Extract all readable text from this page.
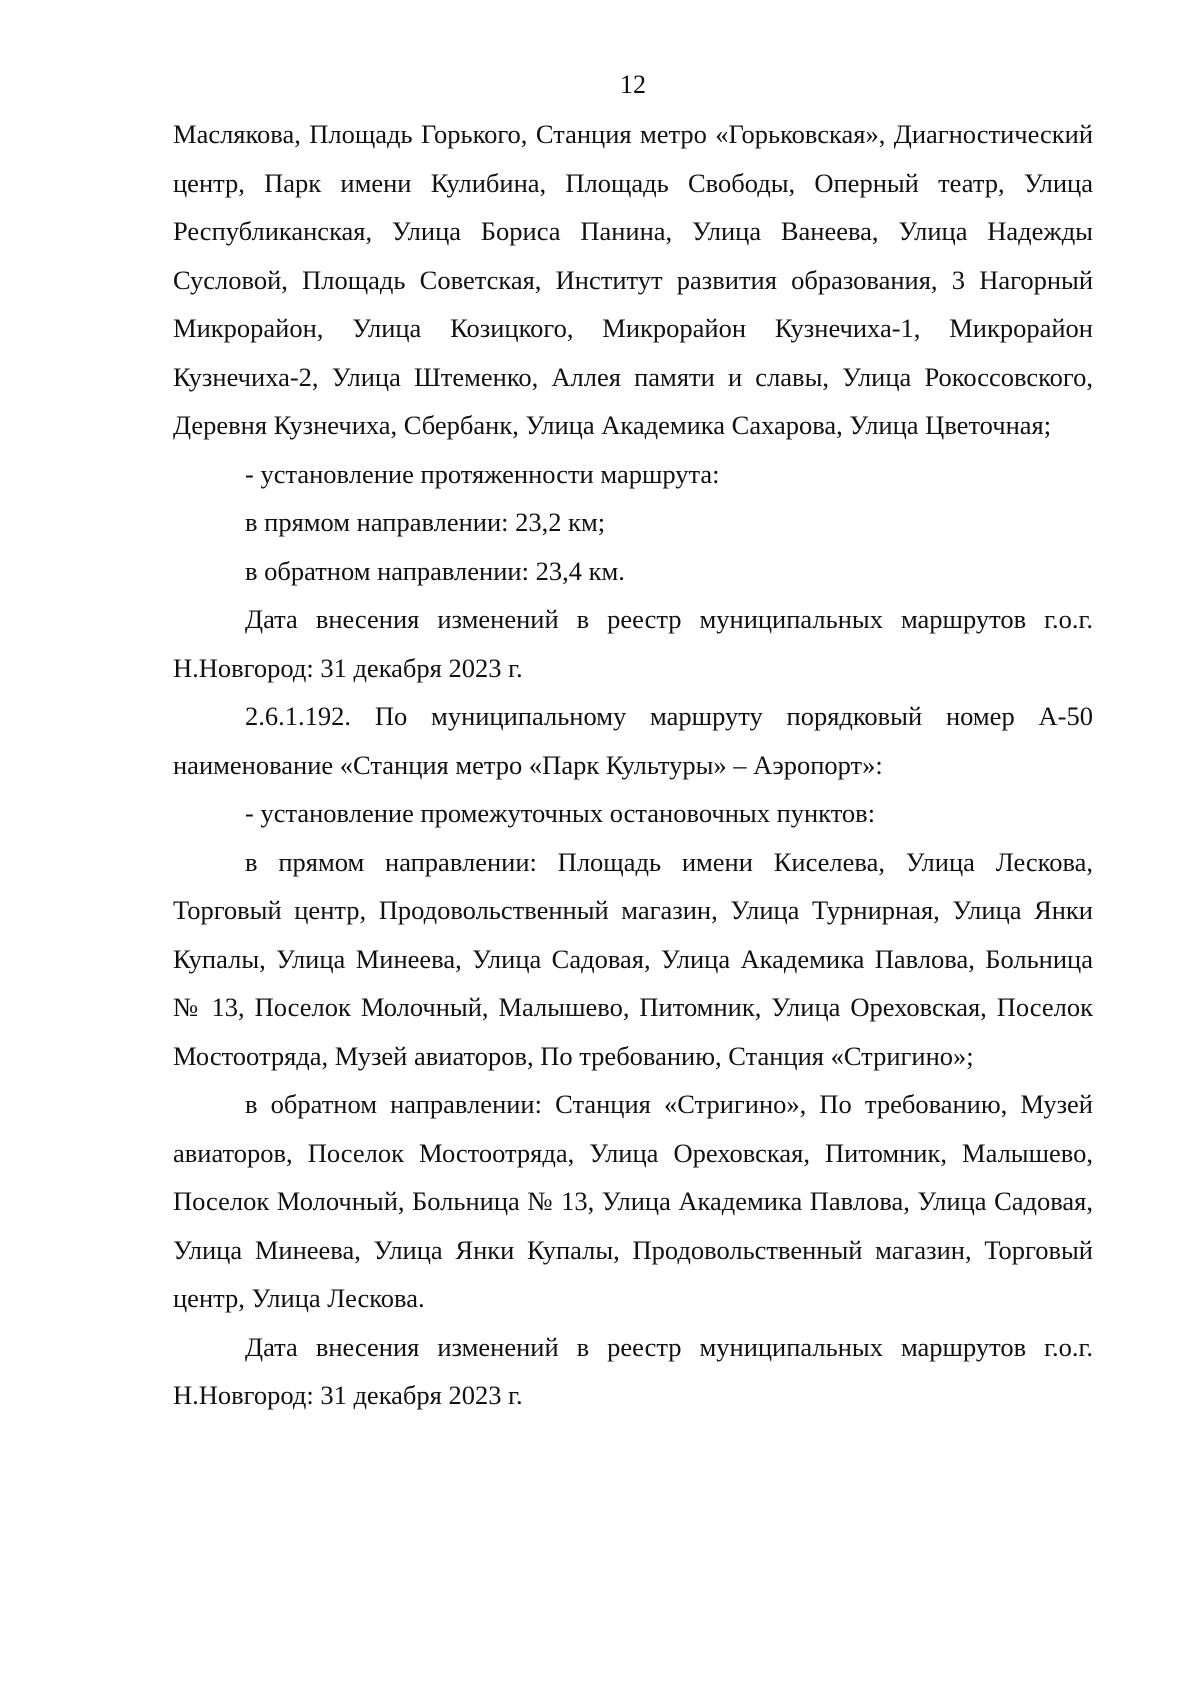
12

Маслякова, Площадь Горького, Станция метро «Горьковская», Диагностический центр, Парк имени Кулибина, Площадь Свободы, Оперный театр, Улица Республиканская, Улица Бориса Панина, Улица Ванеева, Улица Надежды Сусловой, Площадь Советская, Институт развития образования, 3 Нагорный Микрорайон, Улица Козицкого, Микрорайон Кузнечиха-1, Микрорайон Кузнечиха-2, Улица Штеменко, Аллея памяти и славы, Улица Рокоссовского, Деревня Кузнечиха, Сбербанк, Улица Академика Сахарова, Улица Цветочная;

- установление протяженности маршрута:

в прямом направлении: 23,2 км;

в обратном направлении: 23,4 км.

Дата внесения изменений в реестр муниципальных маршрутов г.о.г. Н.Новгород: 31 декабря 2023 г.

2.6.1.192. По муниципальному маршруту порядковый номер А-50 наименование «Станция метро «Парк Культуры» – Аэропорт»:

- установление промежуточных остановочных пунктов:

в прямом направлении: Площадь имени Киселева, Улица Лескова, Торговый центр, Продовольственный магазин, Улица Турнирная, Улица Янки Купалы, Улица Минеева, Улица Садовая, Улица Академика Павлова, Больница № 13, Поселок Молочный, Малышево, Питомник, Улица Ореховская, Поселок Мостоотряда, Музей авиаторов, По требованию, Станция «Стригино»;

в обратном направлении: Станция «Стригино», По требованию, Музей авиаторов, Поселок Мостоотряда, Улица Ореховская, Питомник, Малышево, Поселок Молочный, Больница № 13, Улица Академика Павлова, Улица Садовая, Улица Минеева, Улица Янки Купалы, Продовольственный магазин, Торговый центр, Улица Лескова.

Дата внесения изменений в реестр муниципальных маршрутов г.о.г. Н.Новгород: 31 декабря 2023 г.
